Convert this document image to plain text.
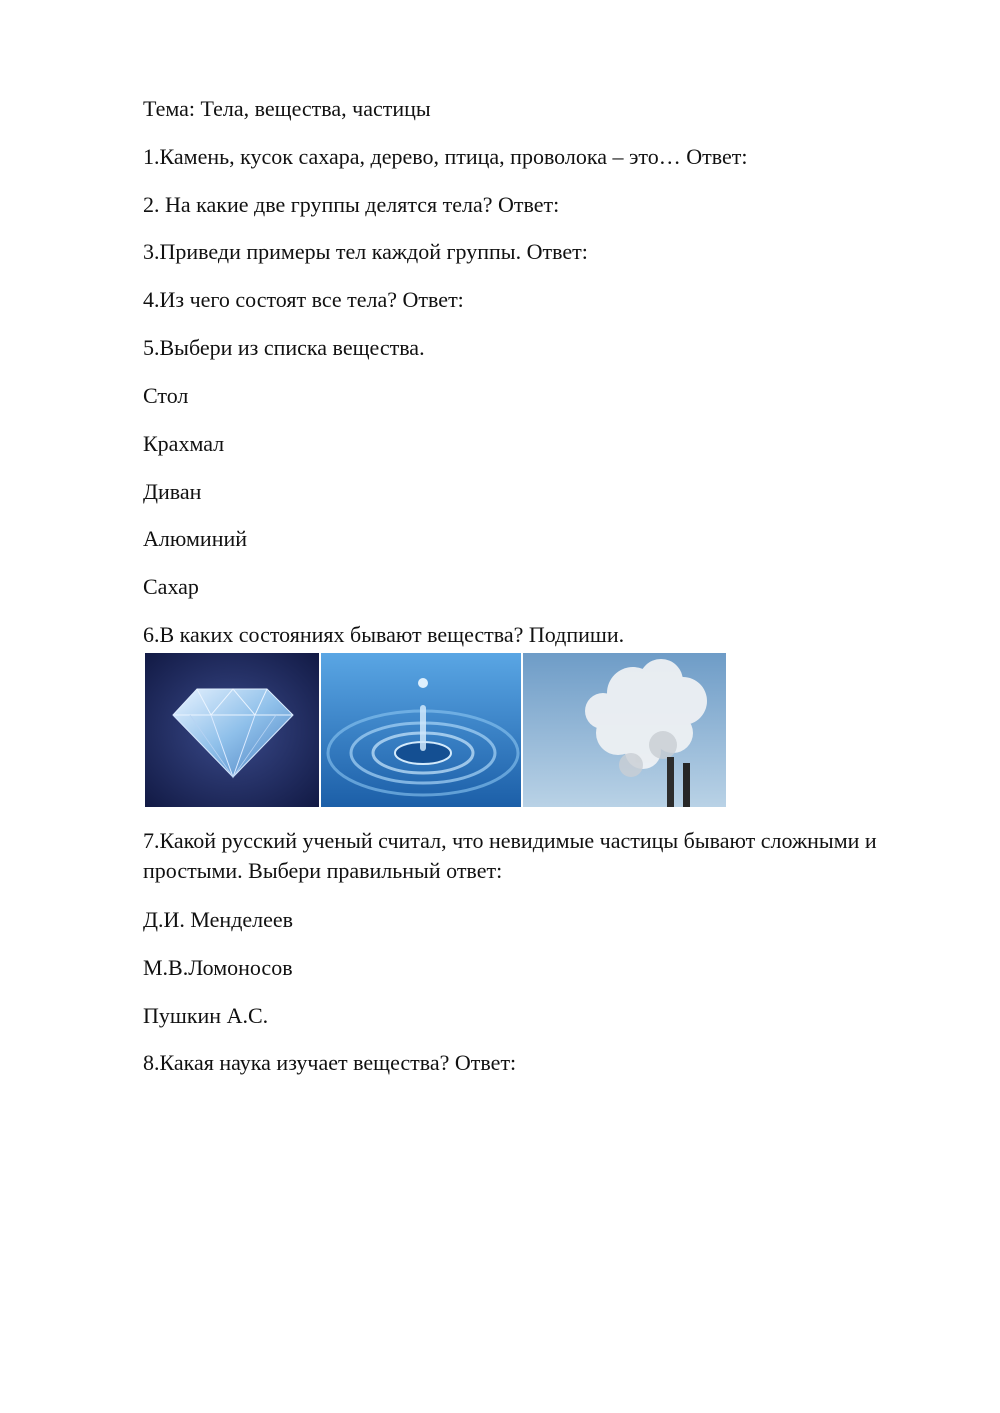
Тема: Тела, вещества, частицы
1.Камень, кусок сахара, дерево, птица, проволока – это… Ответ:
2. На какие две группы делятся тела? Ответ:
3.Приведи примеры тел каждой группы. Ответ:
4.Из чего состоят все тела? Ответ:
5.Выбери из списка вещества.
Стол
Крахмал
Диван
Алюминий
Сахар
6.В каких состояниях бывают вещества? Подпиши.
7.Какой русский ученый считал, что невидимые частицы бывают сложными и простыми. Выбери правильный ответ:
Д.И. Менделеев
М.В.Ломоносов
Пушкин А.С.
8.Какая наука изучает вещества? Ответ:
